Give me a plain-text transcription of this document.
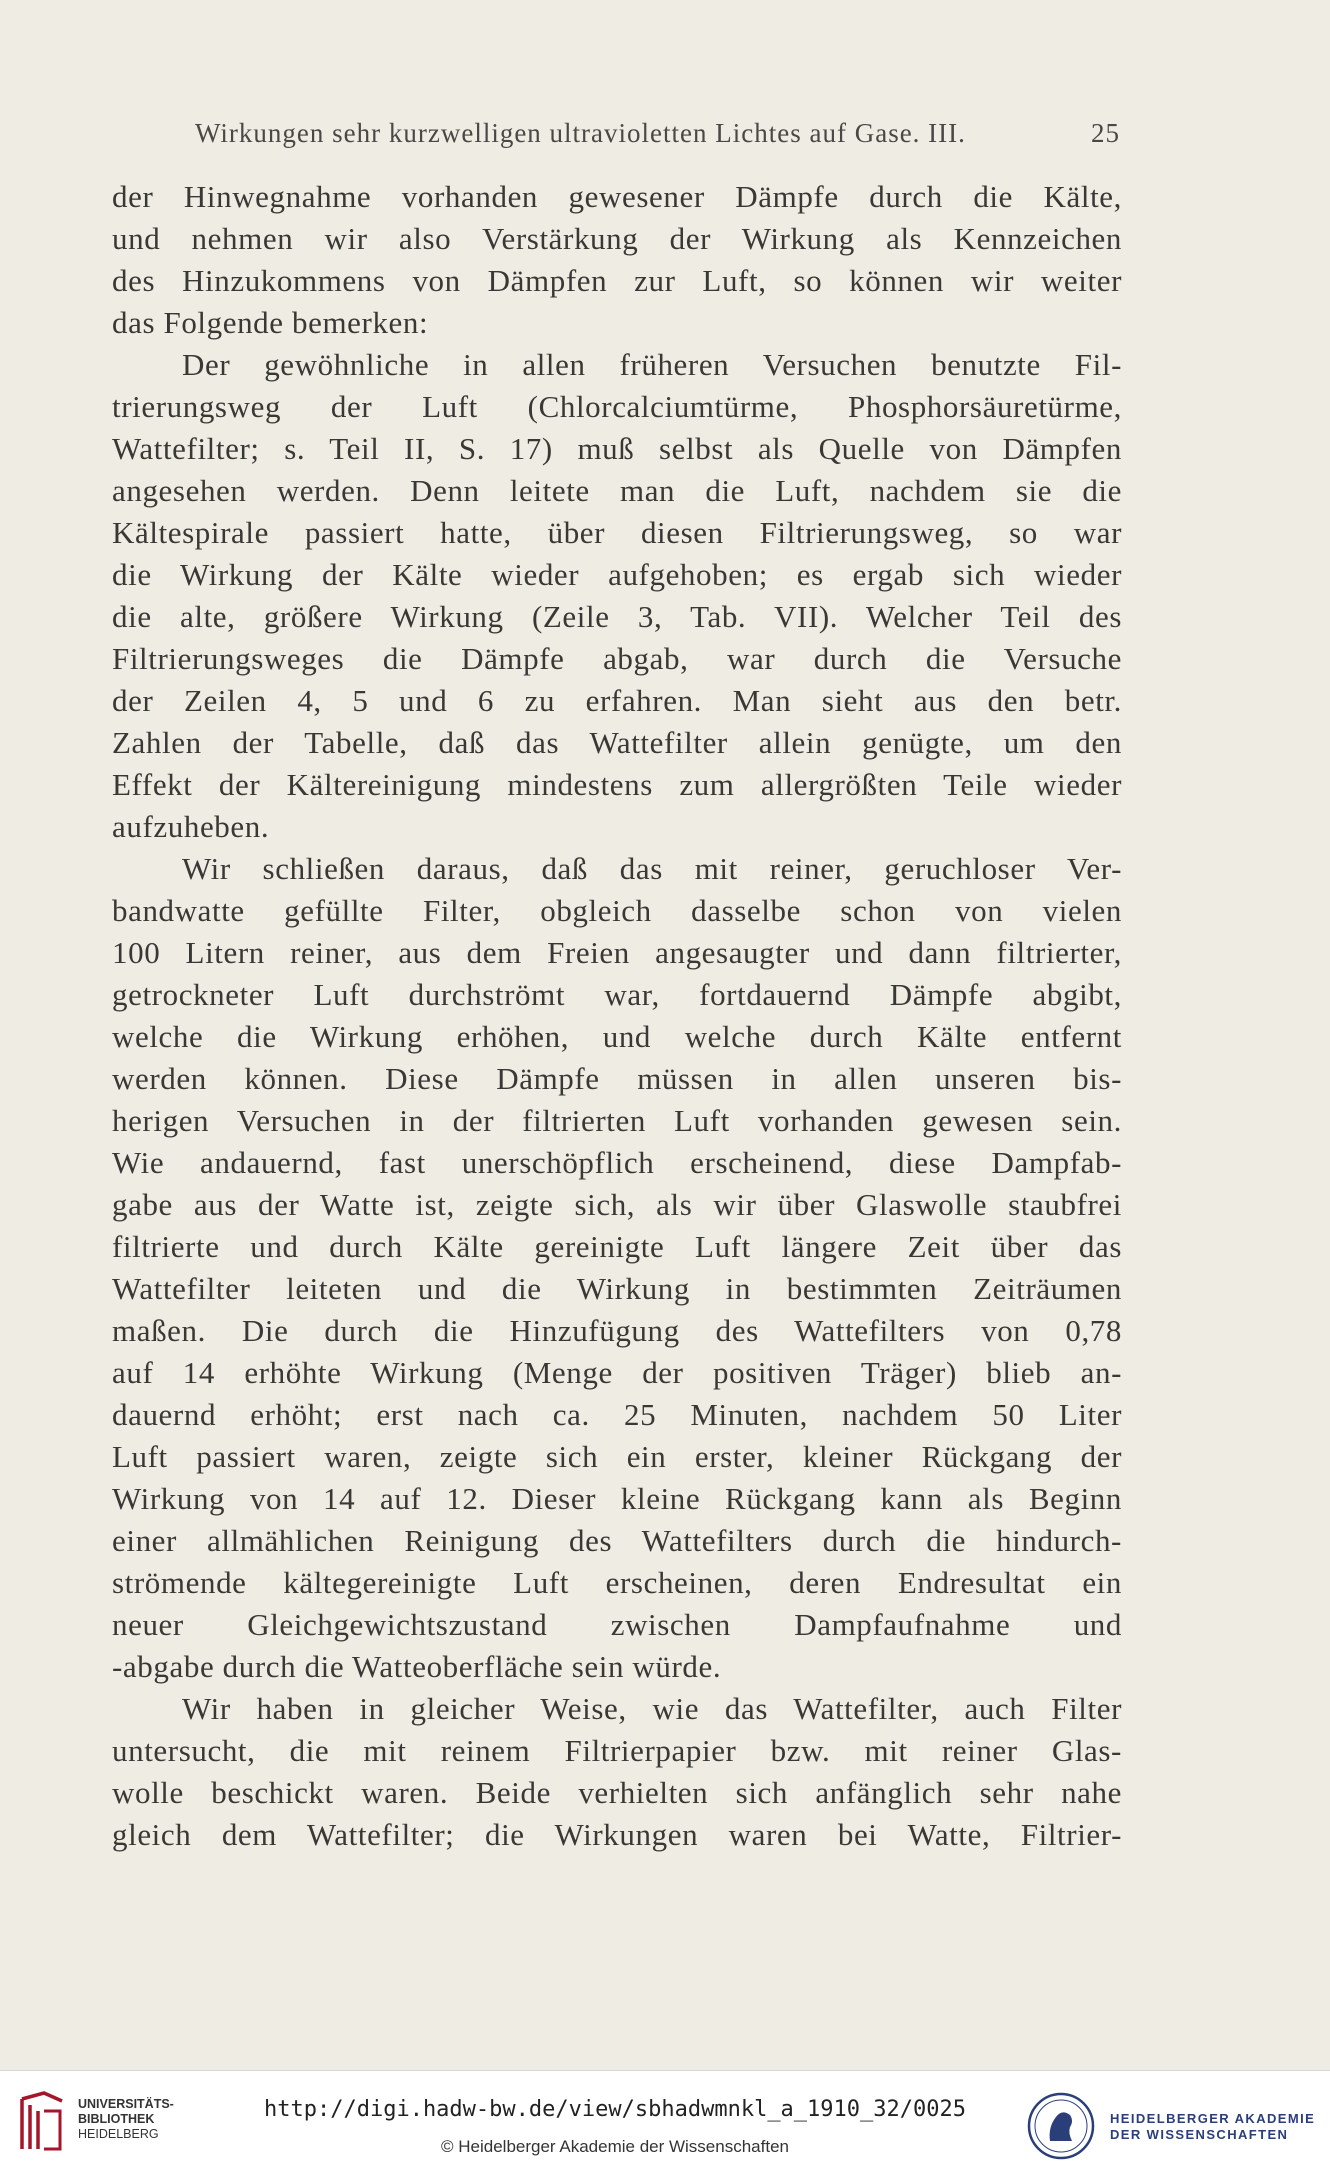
Wirkungen sehr kurzwelligen ultravioletten Lichtes auf Gase. III.	25
der Hinwegnahme vorhanden gewesener Dämpfe durch die Kälte,
und nehmen wir also Verstärkung der Wirkung als Kennzeichen
des Hinzukommens von Dämpfen zur Luft, so können wir weiter
das Folgende bemerken:
Der gewöhnliche in allen früheren Versuchen benutzte Fil-
trierungsweg der Luft (Chlorcalciumtürme, Phosphorsäuretürme,
Wattefilter; s. Teil II, S. 17) muß selbst als Quelle von Dämpfen
angesehen werden. Denn leitete man die Luft, nachdem sie die
Kältespirale passiert hatte, über diesen Filtrierungsweg, so war
die Wirkung der Kälte wieder aufgehoben; es ergab sich wieder
die alte, größere Wirkung (Zeile 3, Tab. VII). Welcher Teil des
Filtrierungsweges die Dämpfe abgab, war durch die Versuche
der Zeilen 4, 5 und 6 zu erfahren. Man sieht aus den betr.
Zahlen der Tabelle, daß das Wattefilter allein genügte, um den
Effekt der Kältereinigung mindestens zum allergrößten Teile wieder
aufzuheben.
Wir schließen daraus, daß das mit reiner, geruchloser Ver-
bandwatte gefüllte Filter, obgleich dasselbe schon von vielen
100 Litern reiner, aus dem Freien angesaugter und dann filtrierter,
getrockneter Luft durchströmt war, fortdauernd Dämpfe abgibt,
welche die Wirkung erhöhen, und welche durch Kälte entfernt
werden können. Diese Dämpfe müssen in allen unseren bis-
herigen Versuchen in der filtrierten Luft vorhanden gewesen sein.
Wie andauernd, fast unerschöpflich erscheinend, diese Dampfab-
gabe aus der Watte ist, zeigte sich, als wir über Glaswolle staubfrei
filtrierte und durch Kälte gereinigte Luft längere Zeit über das
Wattefilter leiteten und die Wirkung in bestimmten Zeiträumen
maßen. Die durch die Hinzufügung des Wattefilters von 0,78
auf 14 erhöhte Wirkung (Menge der positiven Träger) blieb an-
dauernd erhöht; erst nach ca. 25 Minuten, nachdem 50 Liter
Luft passiert waren, zeigte sich ein erster, kleiner Rückgang der
Wirkung von 14 auf 12. Dieser kleine Rückgang kann als Beginn
einer allmählichen Reinigung des Wattefilters durch die hindurch-
strömende kältegereinigte Luft erscheinen, deren Endresultat ein
neuer Gleichgewichtszustand zwischen Dampfaufnahme und
-abgabe durch die Watteoberfläche sein würde.
Wir haben in gleicher Weise, wie das Wattefilter, auch Filter
untersucht, die mit reinem Filtrierpapier bzw. mit reiner Glas-
wolle beschickt waren. Beide verhielten sich anfänglich sehr nahe
gleich dem Wattefilter; die Wirkungen waren bei Watte, Filtrier-
UNIVERSITÄTS-
BIBLIOTHEK
HEIDELBERG
http://digi.hadw-bw.de/view/sbhadwmnkl_a_1910_32/0025
© Heidelberger Akademie der Wissenschaften
HEIDELBERGER AKADEMIE
DER WISSENSCHAFTEN
